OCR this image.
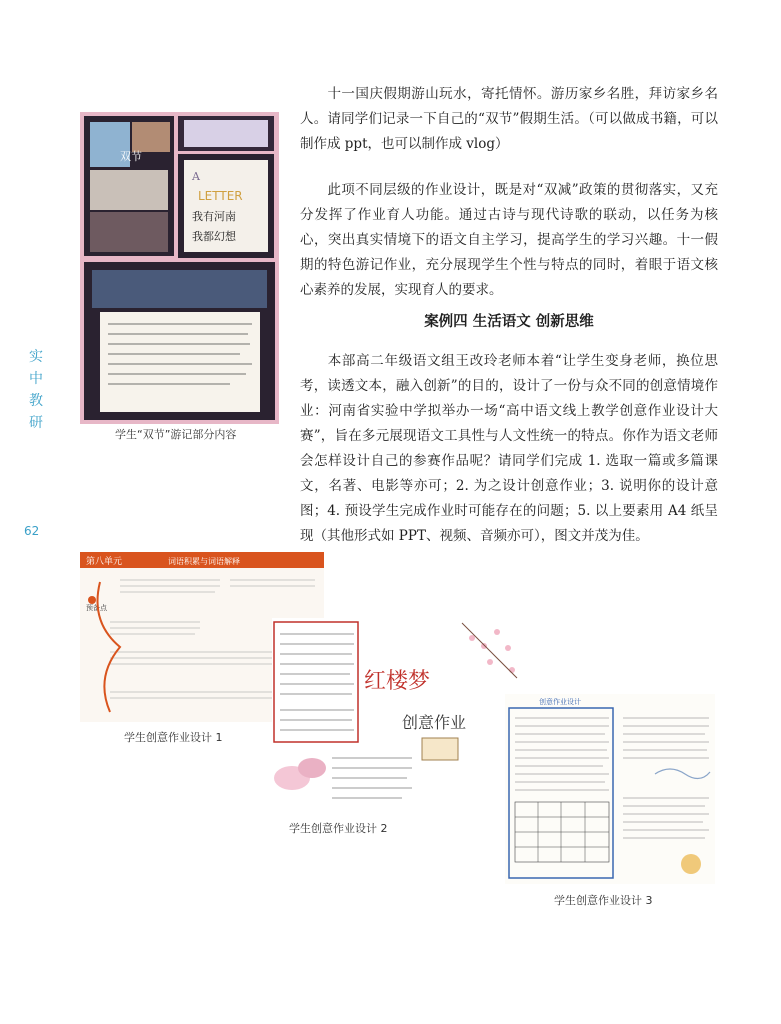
实
中
教
研
62
双节
A
LETTER
我有河南
我都幻想
学生“双节”游记部分内容

十一国庆假期游山玩水，寄托情怀。游历家乡名胜，拜访家乡名人。请同学们记录一下自己的“双节”假期生活。（可以做成书籍，可以制作成 ppt，也可以制作成 vlog）

此项不同层级的作业设计，既是对“双减”政策的贯彻落实，又充分发挥了作业育人功能。通过古诗与现代诗歌的联动，以任务为核心，突出真实情境下的语文自主学习，提高学生的学习兴趣。十一假期的特色游记作业，充分展现学生个性与特点的同时，着眼于语文核心素养的发展，实现育人的要求。

案例四 生活语文 创新思维

本部高二年级语文组王改玲老师本着“让学生变身老师，换位思考，读透文本，融入创新”的目的，设计了一份与众不同的创意情境作业：河南省实验中学拟举办一场“高中语文线上教学创意作业设计大赛”，旨在多元展现语文工具性与人文性统一的特点。你作为语文老师会怎样设计自己的参赛作品呢？请同学们完成 1. 选取一篇或多篇课文，名著、电影等亦可；2. 为之设计创意作业；3. 说明你的设计意图；4. 预设学生完成作业时可能存在的问题；5. 以上要素用 A4 纸呈现（其他形式如 PPT、视频、音频亦可），图文并茂为佳。

第八单元	词语积累与词语解释
预备点
学生创意作业设计 1
红楼梦
创意作业
学生创意作业设计 2
创意作业设计
学生创意作业设计 3
